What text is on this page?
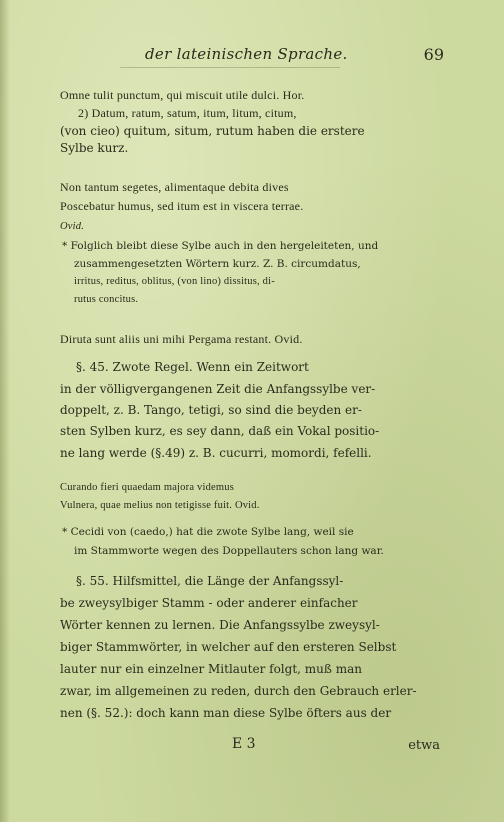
der lateinischen Sprache.	69
Omne tulit punctum, qui miscuit utile dulci. Hor.
2) Datum, ratum, satum, itum, litum, citum,
(von cieo) quitum, situm, rutum haben die erstere
Sylbe kurz.
Non tantum segetes, alimentaque debita dives
Poscebatur humus, sed itum est in viscera terrae.
Ovid.
* Folglich bleibt diese Sylbe auch in den hergeleiteten, und
zusammengesetzten Wörtern kurz. Z. B. circumdatus,
irritus, reditus, oblitus, (von lino) dissitus, di-
rutus concitus.
Diruta sunt aliis uni mihi Pergama restant. Ovid.
§. 45. Zwote Regel. Wenn ein Zeitwort
in der völligvergangenen Zeit die Anfangssylbe ver-
doppelt, z. B. Tango, tetigi, so sind die beyden er-
sten Sylben kurz, es sey dann, daß ein Vokal positio-
ne lang werde (§.49) z. B. cucurri, momordi, fefelli.
Curando fieri quaedam majora videmus
Vulnera, quae melius non tetigisse fuit. Ovid.
* Cecidi von (caedo,) hat die zwote Sylbe lang, weil sie
im Stammworte wegen des Doppellauters schon lang war.
§. 55. Hilfsmittel, die Länge der Anfangssyl-
be zweysylbiger Stamm - oder anderer einfacher
Wörter kennen zu lernen. Die Anfangssylbe zweysyl-
biger Stammwörter, in welcher auf den ersteren Selbst
lauter nur ein einzelner Mitlauter folgt, muß man
zwar, im allgemeinen zu reden, durch den Gebrauch erler-
nen (§. 52.): doch kann man diese Sylbe öfters aus der
E 3	etwa
